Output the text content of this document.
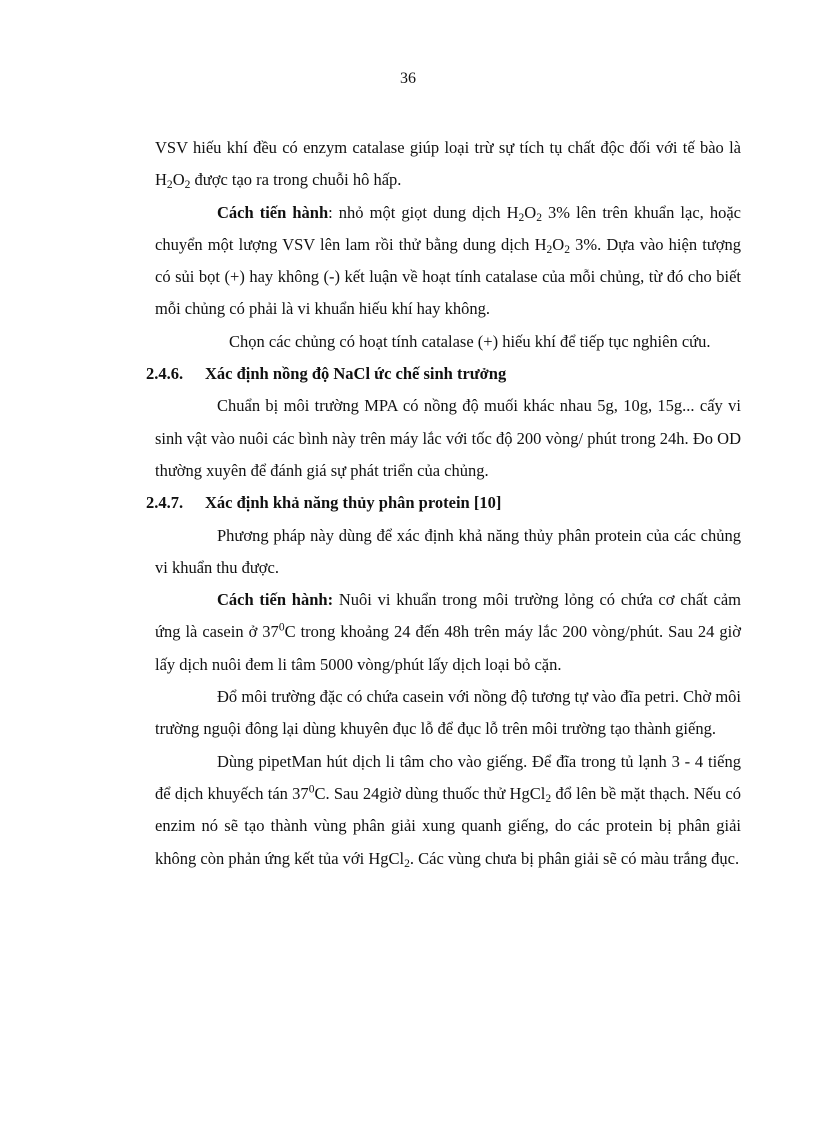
36

VSV hiếu khí đều có enzym catalase giúp loại trừ sự tích tụ chất độc đối với tế bào là $H_2O_2$ được tạo ra trong chuỗi hô hấp.

Cách tiến hành: nhỏ một giọt dung dịch $H_2O_2$ 3% lên trên khuẩn lạc, hoặc chuyển một lượng VSV lên lam rồi thử bằng dung dịch $H_2O_2$ 3%. Dựa vào hiện tượng có sủi bọt (+) hay không (-) kết luận về hoạt tính catalase của mỗi chủng, từ đó cho biết mỗi chủng có phải là vi khuẩn hiếu khí hay không.

Chọn các chủng có hoạt tính catalase (+) hiếu khí để tiếp tục nghiên cứu.

2.4.6. Xác định nồng độ NaCl ức chế sinh trưởng

Chuẩn bị môi trường MPA có nồng độ muối khác nhau 5g, 10g, 15g... cấy vi sinh vật vào nuôi các bình này trên máy lắc với tốc độ 200 vòng/ phút trong 24h. Đo OD thường xuyên để đánh giá sự phát triển của chủng.

2.4.7. Xác định khả năng thủy phân protein [10]

Phương pháp này dùng để xác định khả năng thủy phân protein của các chủng vi khuẩn thu được.

Cách tiến hành: Nuôi vi khuẩn trong môi trường lỏng có chứa cơ chất cảm ứng là casein ở $37^0C$ trong khoảng 24 đến 48h trên máy lắc 200 vòng/phút. Sau 24 giờ lấy dịch nuôi đem li tâm 5000 vòng/phút lấy dịch loại bỏ cặn.

Đổ môi trường đặc có chứa casein với nồng độ tương tự vào đĩa petri. Chờ môi trường nguội đông lại dùng khuyên đục lỗ để đục lỗ trên môi trường tạo thành giếng.

Dùng pipetMan hút dịch li tâm cho vào giếng. Để đĩa trong tủ lạnh 3 - 4 tiếng để dịch khuyếch tán $37^0C$. Sau 24giờ dùng thuốc thử HgCl$_2$ đổ lên bề mặt thạch. Nếu có enzim nó sẽ tạo thành vùng phân giải xung quanh giếng, do các protein bị phân giải không còn phản ứng kết tủa với HgCl$_2$. Các vùng chưa bị phân giải sẽ có màu trắng đục.
